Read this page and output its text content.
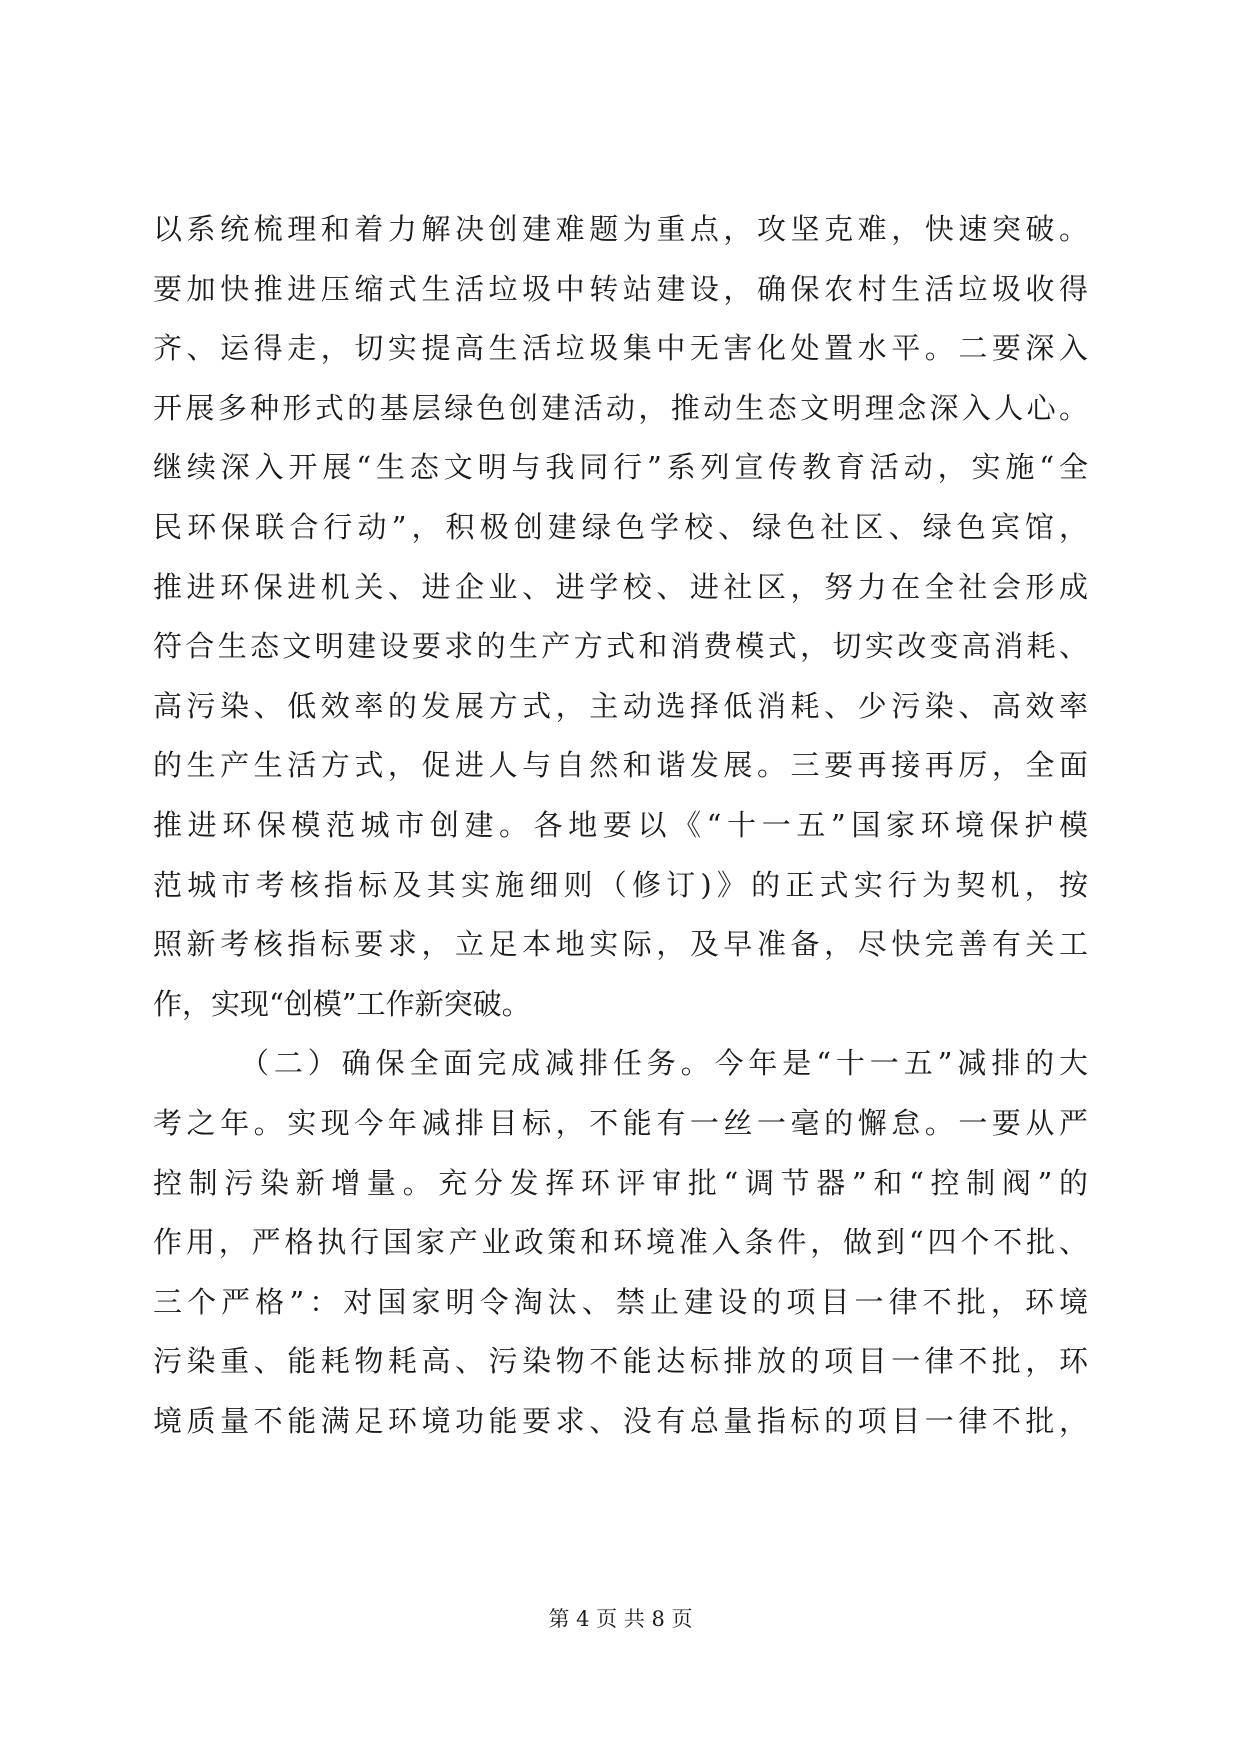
以系统梳理和着力解决创建难题为重点，攻坚克难，快速突破。
要加快推进压缩式生活垃圾中转站建设，确保农村生活垃圾收得
齐、运得走，切实提高生活垃圾集中无害化处置水平。二要深入
开展多种形式的基层绿色创建活动，推动生态文明理念深入人心。
继续深入开展“生态文明与我同行”系列宣传教育活动，实施“全
民环保联合行动”，积极创建绿色学校、绿色社区、绿色宾馆，
推进环保进机关、进企业、进学校、进社区，努力在全社会形成
符合生态文明建设要求的生产方式和消费模式，切实改变高消耗、
高污染、低效率的发展方式，主动选择低消耗、少污染、高效率
的生产生活方式，促进人与自然和谐发展。三要再接再厉，全面
推进环保模范城市创建。各地要以《“十一五”国家环境保护模
范城市考核指标及其实施细则（修订)》的正式实行为契机，按
照新考核指标要求，立足本地实际，及早准备，尽快完善有关工
作，实现“创模”工作新突破。
（二）确保全面完成减排任务。今年是“十一五”减排的大
考之年。实现今年减排目标，不能有一丝一毫的懈怠。一要从严
控制污染新增量。充分发挥环评审批“调节器”和“控制阀”的
作用，严格执行国家产业政策和环境准入条件，做到“四个不批、
三个严格”：对国家明令淘汰、禁止建设的项目一律不批，环境
污染重、能耗物耗高、污染物不能达标排放的项目一律不批，环
境质量不能满足环境功能要求、没有总量指标的项目一律不批，
第 4 页 共 8 页
